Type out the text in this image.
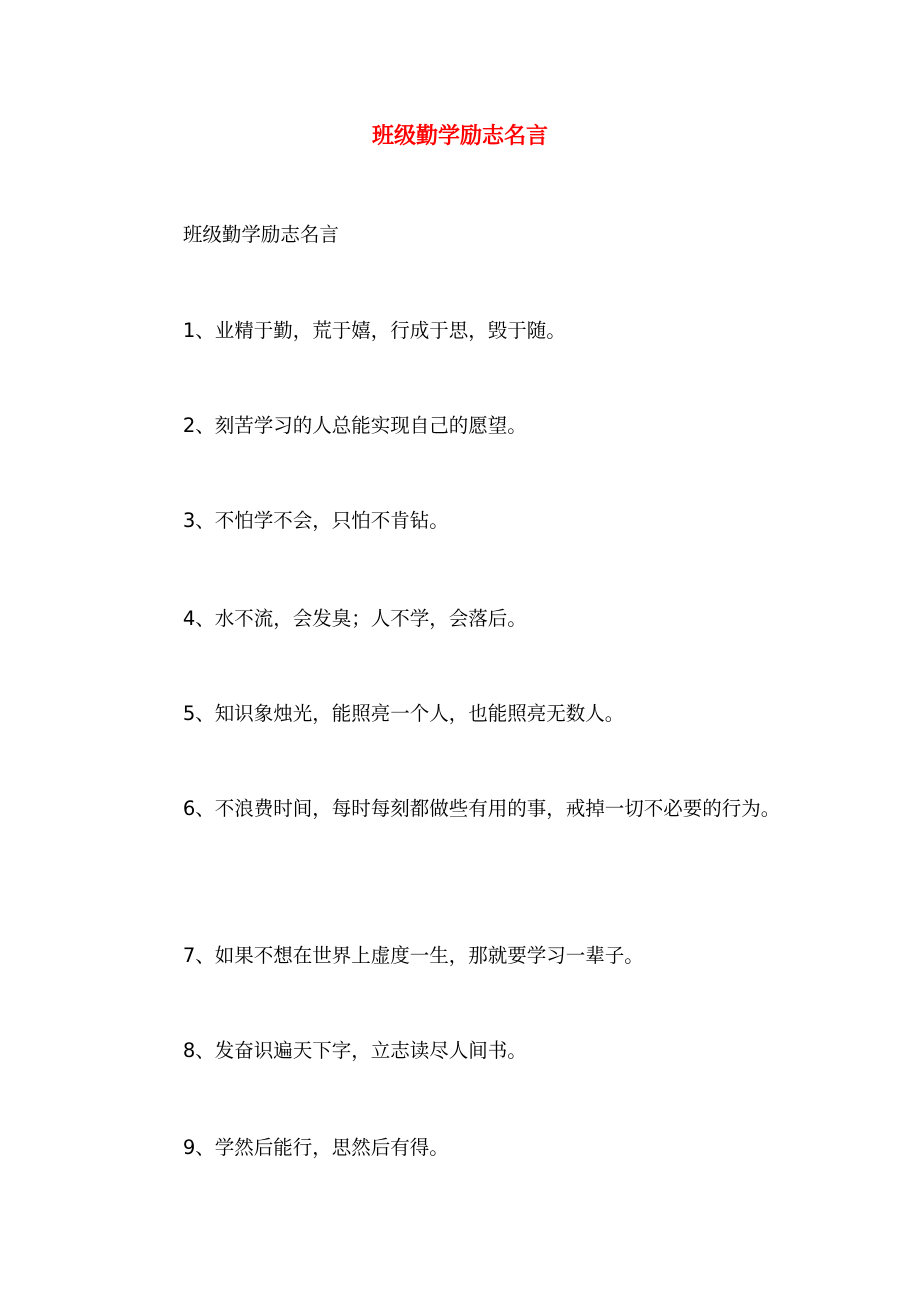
班级勤学励志名言

班级勤学励志名言

1、业精于勤，荒于嬉，行成于思，毁于随。

2、刻苦学习的人总能实现自己的愿望。

3、不怕学不会，只怕不肯钻。

4、水不流，会发臭；人不学，会落后。

5、知识象烛光，能照亮一个人，也能照亮无数人。

6、不浪费时间，每时每刻都做些有用的事，戒掉一切不必要的行为。

7、如果不想在世界上虚度一生，那就要学习一辈子。

8、发奋识遍天下字，立志读尽人间书。

9、学然后能行，思然后有得。
